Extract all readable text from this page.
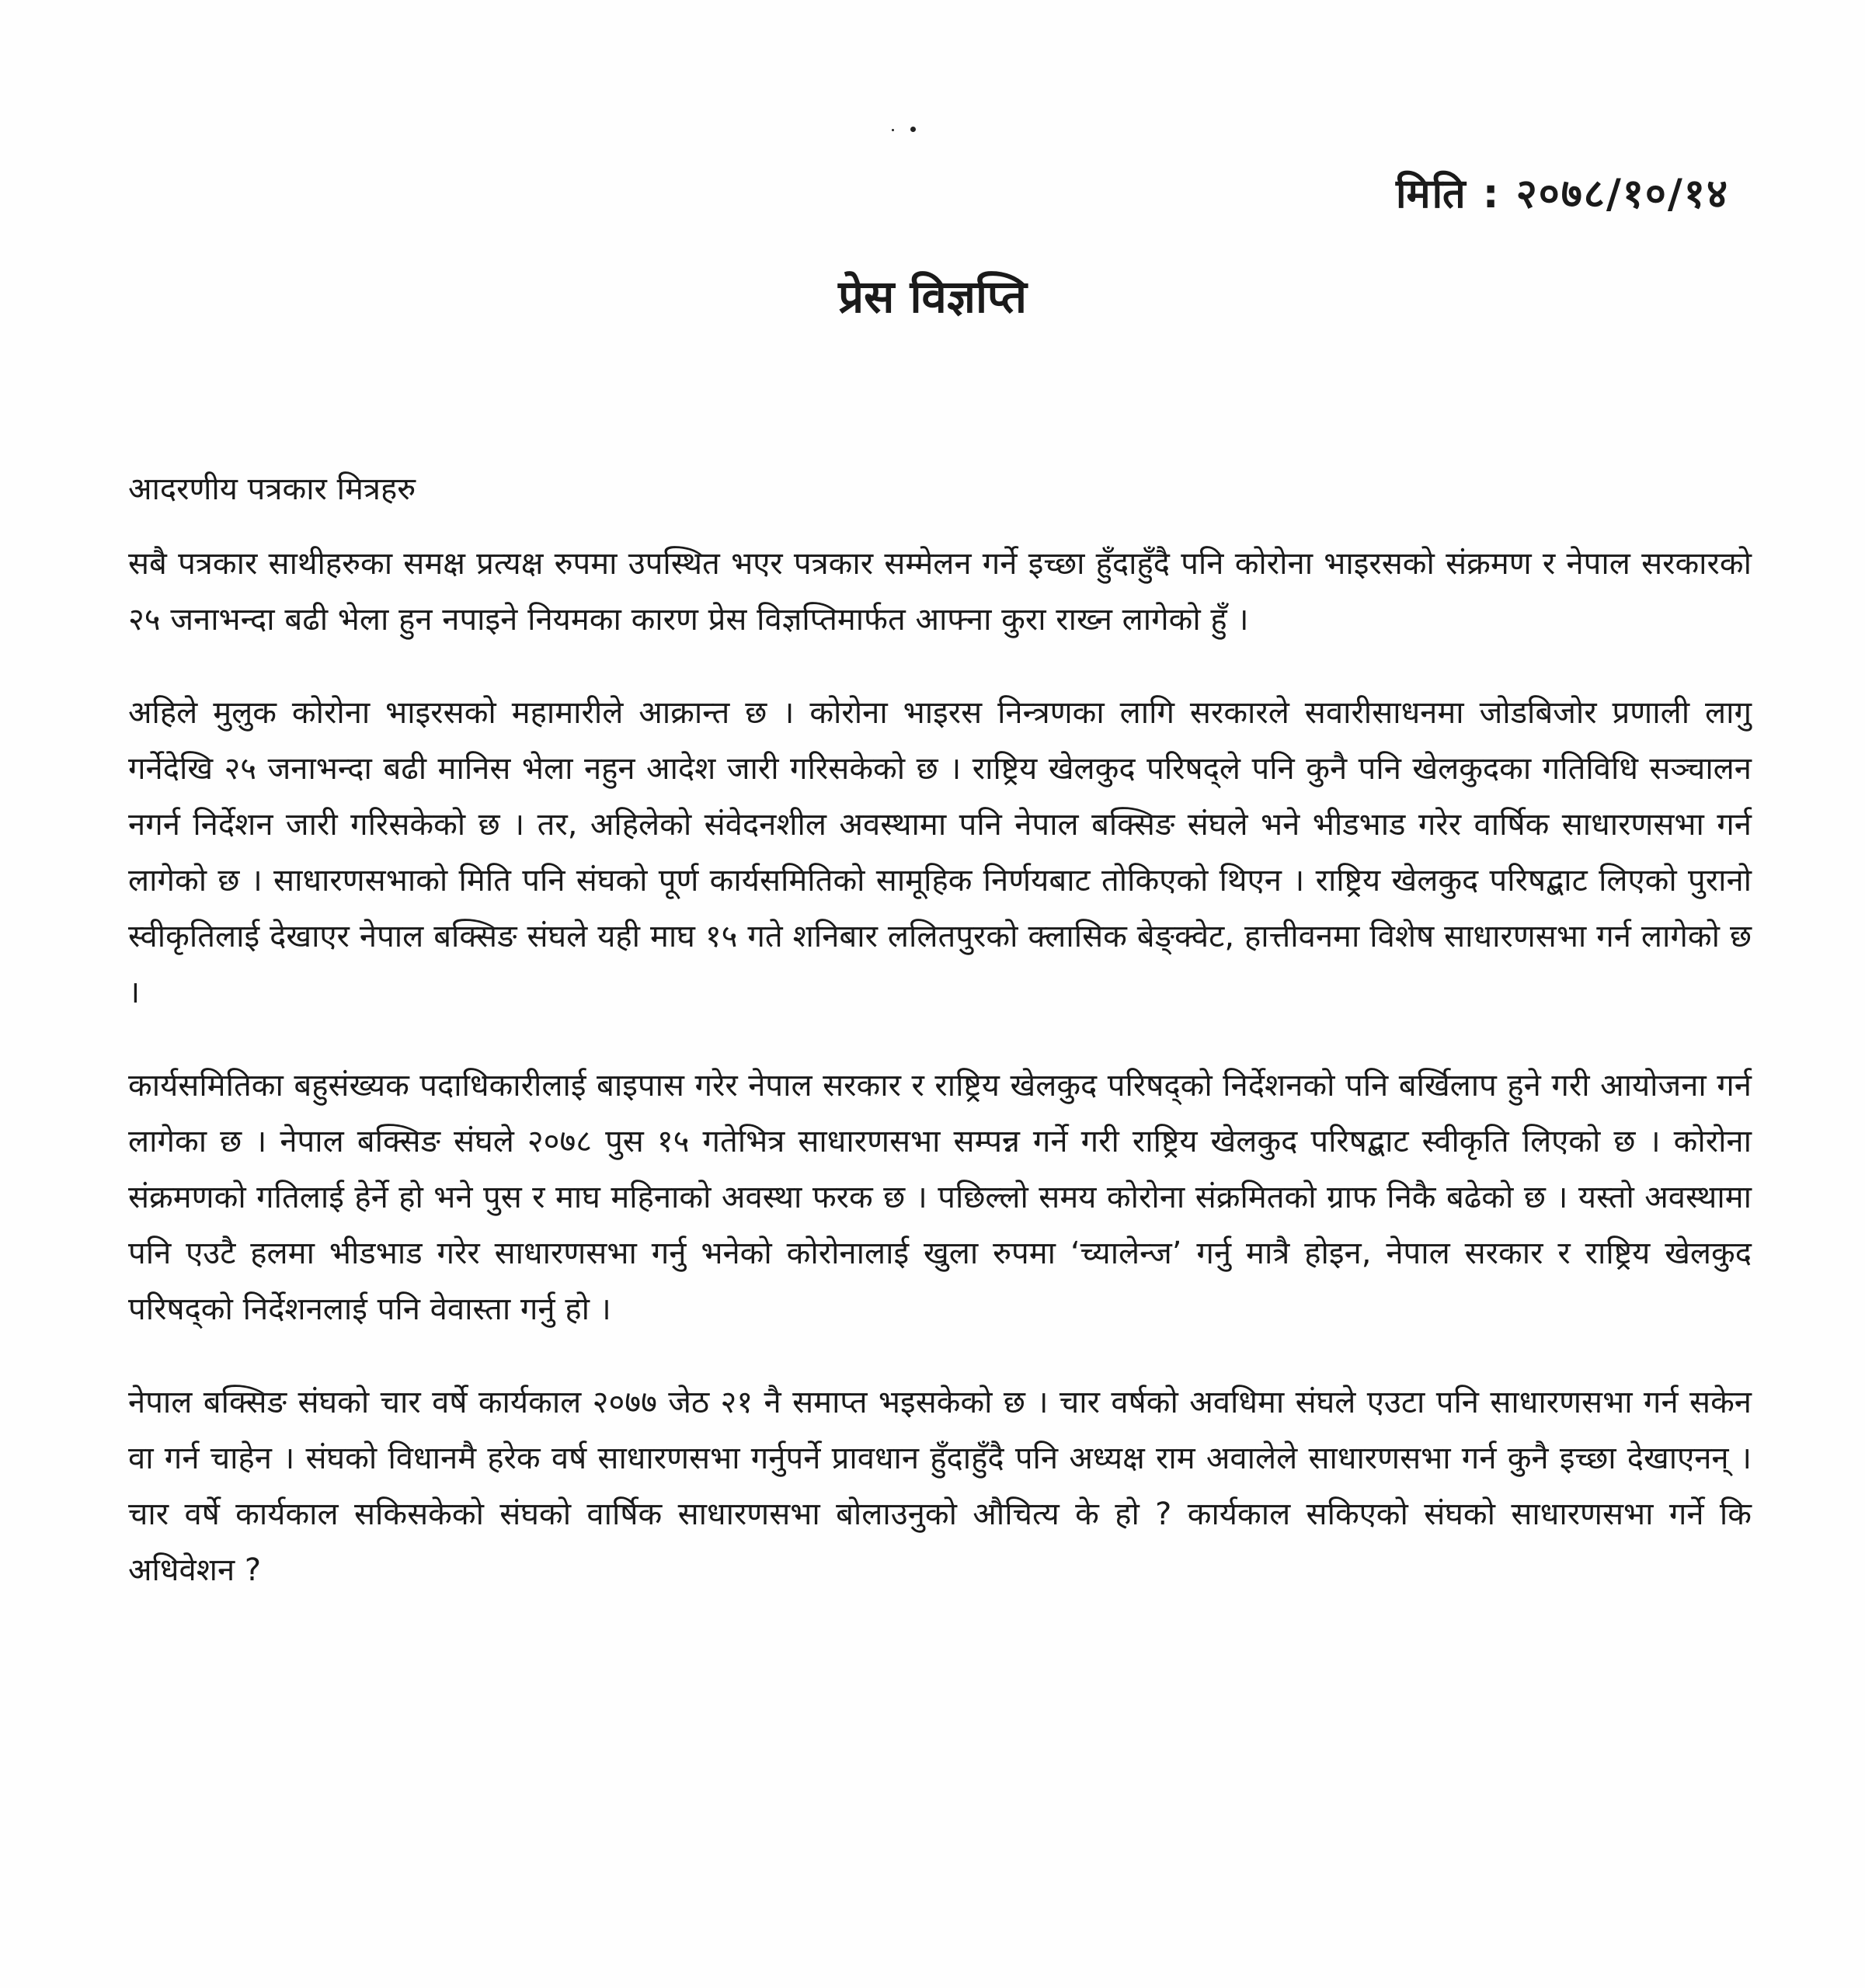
मिति : २०७८/१०/१४
प्रेस विज्ञप्ति
आदरणीय पत्रकार मित्रहरु

सबै पत्रकार साथीहरुका समक्ष प्रत्यक्ष रुपमा उपस्थित भएर पत्रकार सम्मेलन गर्ने इच्छा हुँदाहुँदै पनि कोरोना भाइरसको संक्रमण र नेपाल सरकारको २५ जनाभन्दा बढी भेला हुन नपाइने नियमका कारण प्रेस विज्ञप्तिमार्फत आफ्ना कुरा राख्न लागेको हुँ ।

अहिले मुलुक कोरोना भाइरसको महामारीले आक्रान्त छ । कोरोना भाइरस निन्त्रणका लागि सरकारले सवारीसाधनमा जोडबिजोर प्रणाली लागु गर्नेदेखि २५ जनाभन्दा बढी मानिस भेला नहुन आदेश जारी गरिसकेको छ । राष्ट्रिय खेलकुद परिषद्ले पनि कुनै पनि खेलकुदका गतिविधि सञ्चालन नगर्न निर्देशन जारी गरिसकेको छ । तर, अहिलेको संवेदनशील अवस्थामा पनि नेपाल बक्सिङ संघले भने भीडभाड गरेर वार्षिक साधारणसभा गर्न लागेको छ । साधारणसभाको मिति पनि संघको पूर्ण कार्यसमितिको सामूहिक निर्णयबाट तोकिएको थिएन । राष्ट्रिय खेलकुद परिषद्बाट लिएको पुरानो स्वीकृतिलाई देखाएर नेपाल बक्सिङ संघले यही माघ १५ गते शनिबार ललितपुरको क्लासिक बेङ्क्वेट, हात्तीवनमा विशेष साधारणसभा गर्न लागेको छ ।

कार्यसमितिका बहुसंख्यक पदाधिकारीलाई बाइपास गरेर नेपाल सरकार र राष्ट्रिय खेलकुद परिषद्को निर्देशनको पनि बर्खिलाप हुने गरी आयोजना गर्न लागेका छ । नेपाल बक्सिङ संघले २०७८ पुस १५ गतेभित्र साधारणसभा सम्पन्न गर्ने गरी राष्ट्रिय खेलकुद परिषद्बाट स्वीकृति लिएको छ । कोरोना संक्रमणको गतिलाई हेर्ने हो भने पुस र माघ महिनाको अवस्था फरक छ । पछिल्लो समय कोरोना संक्रमितको ग्राफ निकै बढेको छ । यस्तो अवस्थामा पनि एउटै हलमा भीडभाड गरेर साधारणसभा गर्नु भनेको कोरोनालाई खुला रुपमा ‘च्यालेन्ज’ गर्नु मात्रै होइन, नेपाल सरकार र राष्ट्रिय खेलकुद परिषद्को निर्देशनलाई पनि वेवास्ता गर्नु हो ।

नेपाल बक्सिङ संघको चार वर्षे कार्यकाल २०७७ जेठ २१ नै समाप्त भइसकेको छ । चार वर्षको अवधिमा संघले एउटा पनि साधारणसभा गर्न सकेन वा गर्न चाहेन । संघको विधानमै हरेक वर्ष साधारणसभा गर्नुपर्ने प्रावधान हुँदाहुँदै पनि अध्यक्ष राम अवालेले साधारणसभा गर्न कुनै इच्छा देखाएनन् । चार वर्षे कार्यकाल सकिसकेको संघको वार्षिक साधारणसभा बोलाउनुको औचित्य के हो ? कार्यकाल सकिएको संघको साधारणसभा गर्ने कि अधिवेशन ?
